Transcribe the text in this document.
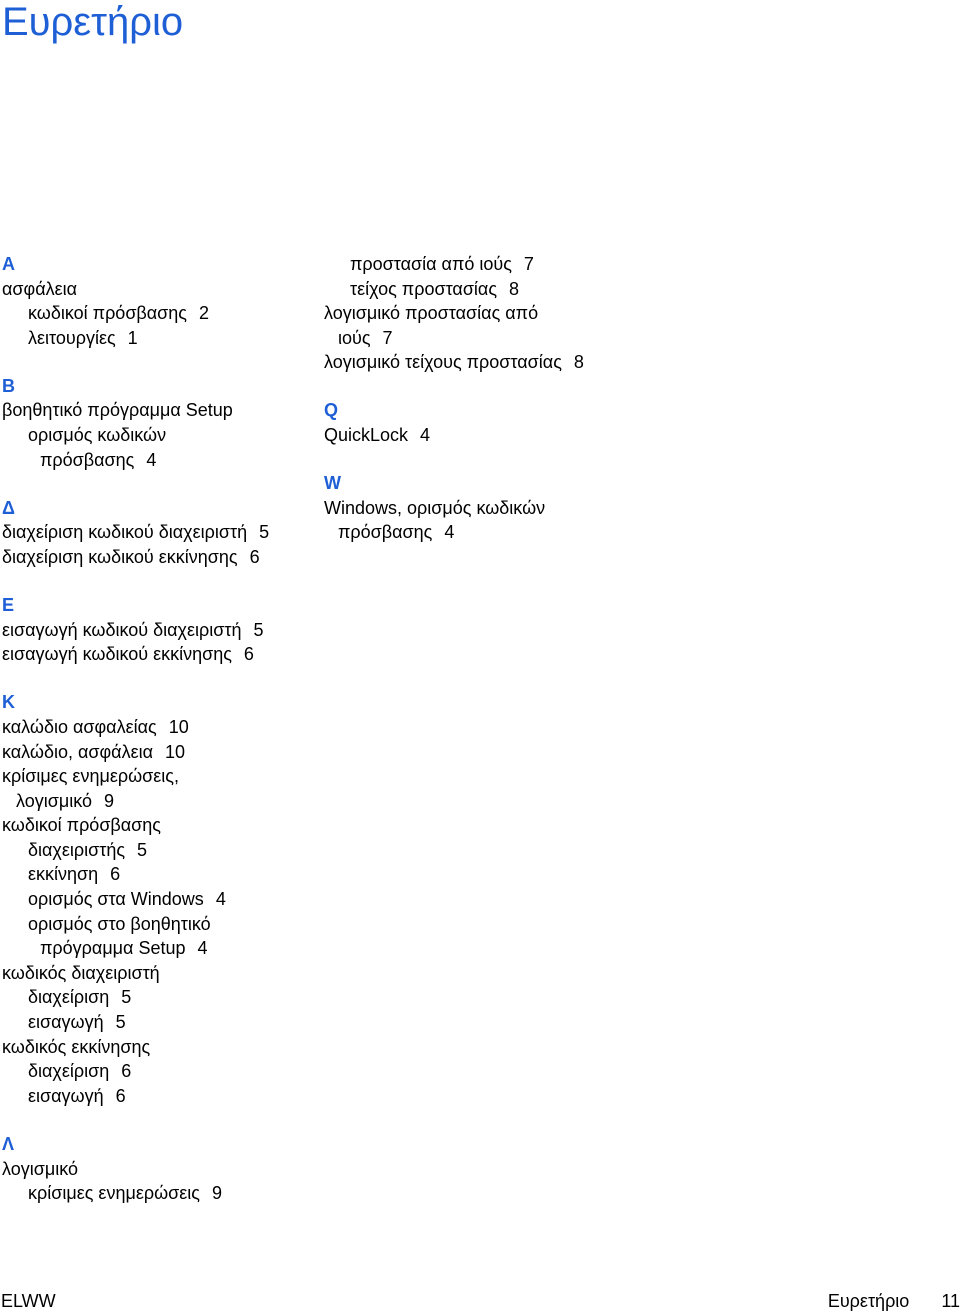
Ευρετήριο
Α
ασφάλεια
κωδικοί πρόσβασης 2
λειτουργίες 1
Β
βοηθητικό πρόγραμμα Setup
ορισμός κωδικών
πρόσβασης 4
Δ
διαχείριση κωδικού διαχειριστή 5
διαχείριση κωδικού εκκίνησης 6
Ε
εισαγωγή κωδικού διαχειριστή 5
εισαγωγή κωδικού εκκίνησης 6
Κ
καλώδιο ασφαλείας 10
καλώδιο, ασφάλεια 10
κρίσιμες ενημερώσεις,
λογισμικό 9
κωδικοί πρόσβασης
διαχειριστής 5
εκκίνηση 6
ορισμός στα Windows 4
ορισμός στο βοηθητικό
πρόγραμμα Setup 4
κωδικός διαχειριστή
διαχείριση 5
εισαγωγή 5
κωδικός εκκίνησης
διαχείριση 6
εισαγωγή 6
Λ
λογισμικό
κρίσιμες ενημερώσεις 9
προστασία από ιούς 7
τείχος προστασίας 8
λογισμικό προστασίας από
ιούς 7
λογισμικό τείχους προστασίας 8
Q
QuickLock 4
W
Windows, ορισμός κωδικών
πρόσβασης 4
ELWW	Ευρετήριο 11
